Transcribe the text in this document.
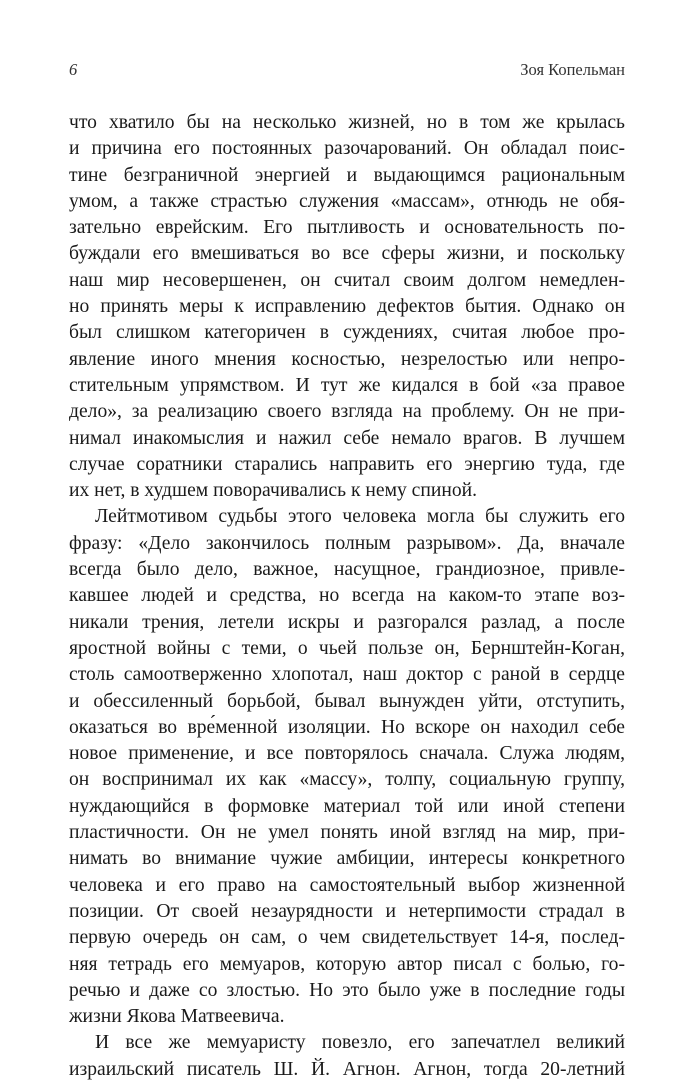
6	Зоя Копельман
что хватило бы на несколько жизней, но в том же крылась
и причина его постоянных разочарований. Он обладал поис-
тине безграничной энергией и выдающимся рациональным
умом, а также страстью служения «массам», отнюдь не обя-
зательно еврейским. Его пытливость и основательность по-
буждали его вмешиваться во все сферы жизни, и поскольку
наш мир несовершенен, он считал своим долгом немедлен-
но принять меры к исправлению дефектов бытия. Однако он
был слишком категоричен в суждениях, считая любое про-
явление иного мнения косностью, незрелостью или непро-
стительным упрямством. И тут же кидался в бой «за правое
дело», за реализацию своего взгляда на проблему. Он не при-
нимал инакомыслия и нажил себе немало врагов. В лучшем
случае соратники старались направить его энергию туда, где
их нет, в худшем поворачивались к нему спиной.
Лейтмотивом судьбы этого человека могла бы служить его
фразу: «Дело закончилось полным разрывом». Да, вначале
всегда было дело, важное, насущное, грандиозное, привле-
кавшее людей и средства, но всегда на каком-то этапе воз-
никали трения, летели искры и разгорался разлад, а после
яростной войны с теми, о чьей пользе он, Бернштейн-Коган,
столь самоотверженно хлопотал, наш доктор с раной в сердце
и обессиленный борьбой, бывал вынужден уйти, отступить,
оказаться во вре́менной изоляции. Но вскоре он находил себе
новое применение, и все повторялось сначала. Служа людям,
он воспринимал их как «массу», толпу, социальную группу,
нуждающийся в формовке материал той или иной степени
пластичности. Он не умел понять иной взгляд на мир, при-
нимать во внимание чужие амбиции, интересы конкретного
человека и его право на самостоятельный выбор жизненной
позиции. От своей незаурядности и нетерпимости страдал в
первую очередь он сам, о чем свидетельствует 14-я, послед-
няя тетрадь его мемуаров, которую автор писал с болью, го-
речью и даже со злостью. Но это было уже в последние годы
жизни Якова Матвеевича.
И все же мемуаристу повезло, его запечатлел великий
израильский писатель Ш. Й. Агнон. Агнон, тогда 20-летний
